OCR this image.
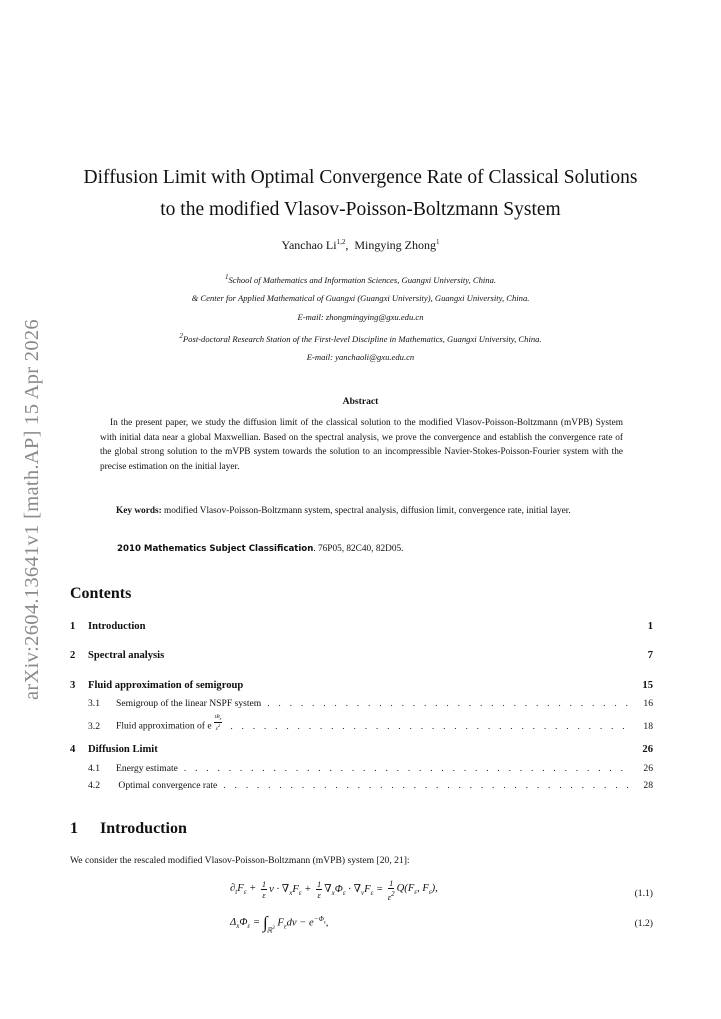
arXiv:2604.13641v1 [math.AP] 15 Apr 2026
Diffusion Limit with Optimal Convergence Rate of Classical Solutions
to the modified Vlasov-Poisson-Boltzmann System
Yanchao Li$^{1,2}$,  Mingying Zhong$^1$
$^1$School of Mathematics and Information Sciences, Guangxi University, China.
& Center for Applied Mathematical of Guangxi (Guangxi University), Guangxi University, China.
E-mail: zhongmingying@gxu.edu.cn
$^2$Post-doctoral Research Station of the First-level Discipline in Mathematics, Guangxi University, China.
E-mail: yanchaoli@gxu.edu.cn
Abstract
In the present paper, we study the diffusion limit of the classical solution to the modified Vlasov-Poisson-Boltzmann (mVPB) System with initial data near a global Maxwellian. Based on the spectral analysis, we prove the convergence and establish the convergence rate of the global strong solution to the mVPB system towards the solution to an incompressible Navier-Stokes-Poisson-Fourier system with the precise estimation on the initial layer.
Key words: modified Vlasov-Poisson-Boltzmann system, spectral analysis, diffusion limit, convergence rate, initial layer.
2010 Mathematics Subject Classification. 76P05, 82C40, 82D05.
Contents
1	Introduction	1
2	Spectral analysis	7
3	Fluid approximation of semigroup	15
3.1	Semigroup of the linear NSPF system . . .	16
3.2	Fluid approximation of e $^{\frac{tB_\varepsilon}{\varepsilon^2}}$ . . .	18
4	Diffusion Limit	26
4.1	Energy estimate . . .	26
4.2	Optimal convergence rate . . .	28
1 Introduction
We consider the rescaled modified Vlasov-Poisson-Boltzmann (mVPB) system [20, 21]:
$\partial_tF_\varepsilon + \frac{1}{\varepsilon}$ $v \cdot \nabla_xF_\varepsilon + \frac{1}{\varepsilon} \nabla_x\Phi_\varepsilon \cdot \nabla_vF_\varepsilon = \frac{1}{\varepsilon^2} Q(F_\varepsilon$, $F_\varepsilon$),	(1.1)
$\Delta_x\Phi_\varepsilon = \int_{ℝ^3}$ $F_\varepsilon dv - e^{-\Phi_\varepsilon}$,	(1.2)
